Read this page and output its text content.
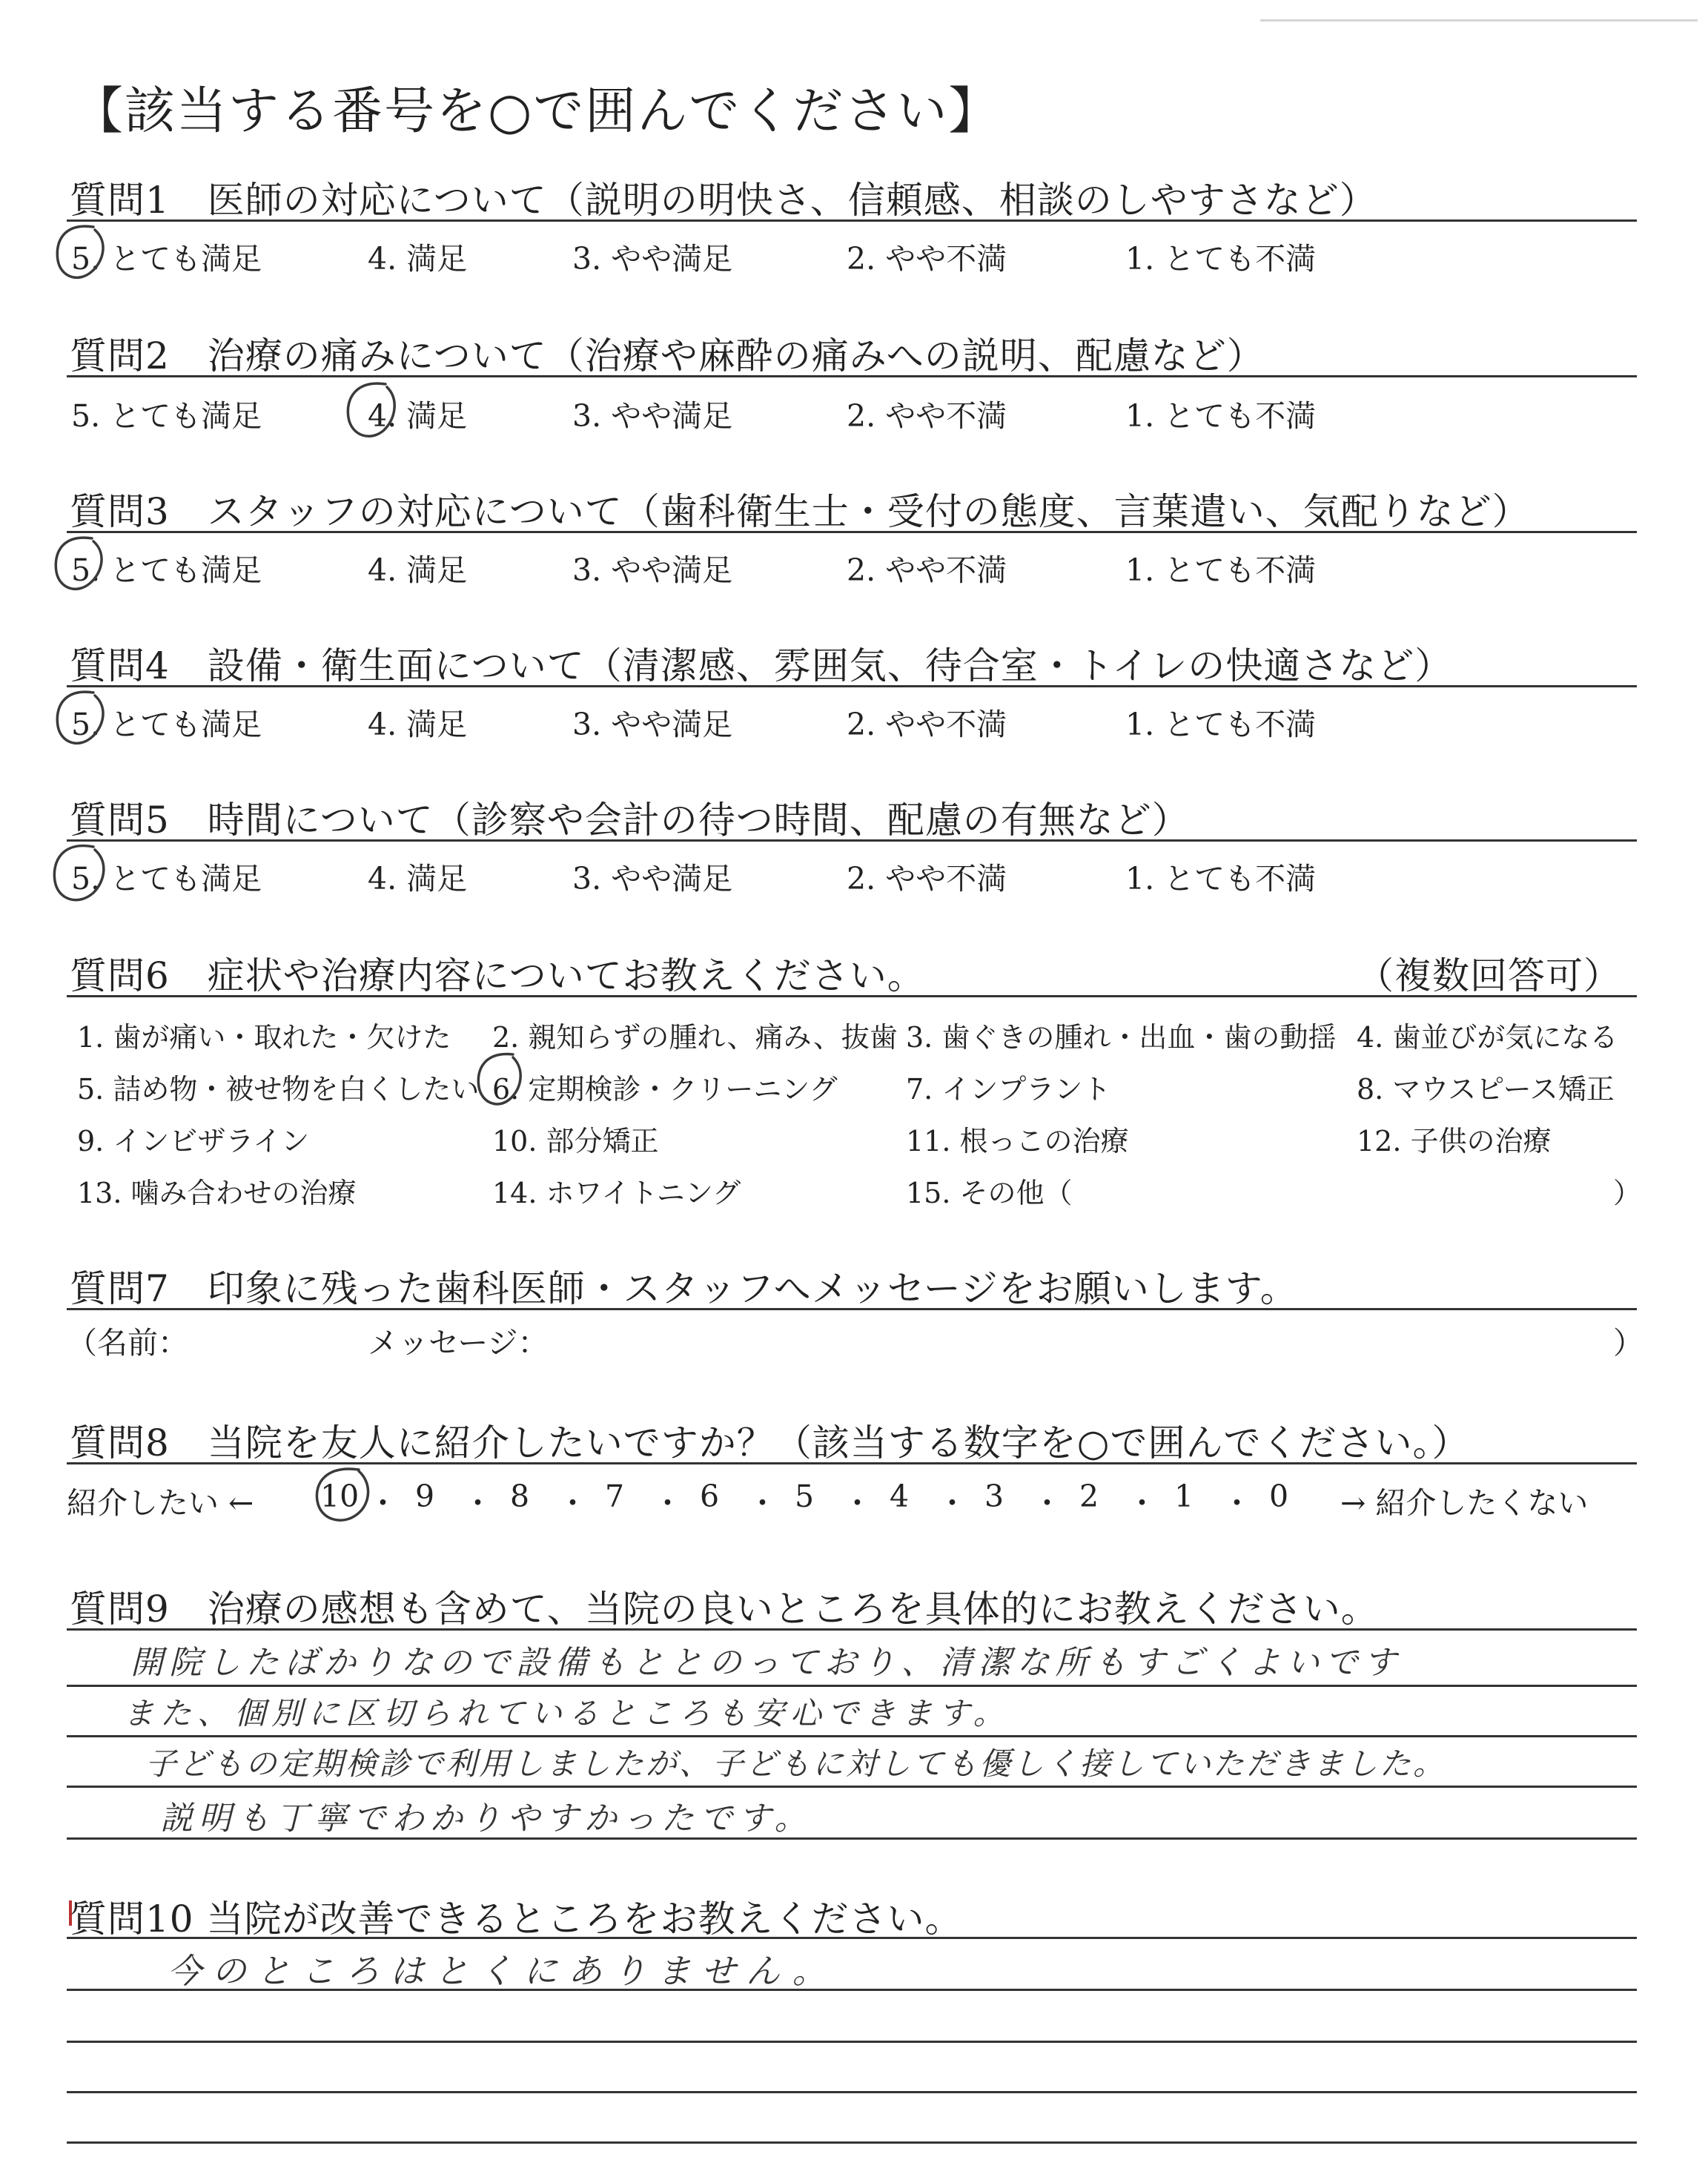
【該当する番号を○で囲んでください】
質問1　医師の対応について（説明の明快さ、信頼感、相談のしやすさなど）
5. とても満足	4. 満足	3. やや満足	2. やや不満	1. とても不満
質問2　治療の痛みについて（治療や麻酔の痛みへの説明、配慮など）
5. とても満足	4. 満足	3. やや満足	2. やや不満	1. とても不満
質問3　スタッフの対応について（歯科衛生士・受付の態度、言葉遣い、気配りなど）
5. とても満足	4. 満足	3. やや満足	2. やや不満	1. とても不満
質問4　設備・衛生面について（清潔感、雰囲気、待合室・トイレの快適さなど）
5. とても満足	4. 満足	3. やや満足	2. やや不満	1. とても不満
質問5　時間について（診察や会計の待つ時間、配慮の有無など）
5. とても満足	4. 満足	3. やや満足	2. やや不満	1. とても不満
質問6　症状や治療内容についてお教えください。	（複数回答可）
1. 歯が痛い・取れた・欠けた 2. 親知らずの腫れ、痛み、抜歯 3. 歯ぐきの腫れ・出血・歯の動揺 4. 歯並びが気になる
5. 詰め物・被せ物を白くしたい 6. 定期検診・クリーニング 7. インプラント	8. マウスピース矯正
9. インビザライン	10. 部分矯正	11. 根っこの治療	12. 子供の治療
13. 噛み合わせの治療	14. ホワイトニング	15. その他（	）
質問7　印象に残った歯科医師・スタッフへメッセージをお願いします。
（名前：	メッセージ：	）
質問8　当院を友人に紹介したいですか？（該当する数字を○で囲んでください。）
紹介したい ←	→ 紹介したくない
質問9　治療の感想も含めて、当院の良いところを具体的にお教えください。
開院したばかりなので設備もととのっており、清潔な所もすごくよいです
また、個別に区切られているところも安心できます。
子どもの定期検診で利用しましたが、子どもに対しても優しく接していただきました。
説明も丁寧でわかりやすかったです。
質問10 当院が改善できるところをお教えください。
今のところはとくにありません。
10 ・ 9 ・ 8 ・ 7 ・ 6 ・ 5 ・ 4 ・ 3 ・ 2 ・ 1 ・ 0
